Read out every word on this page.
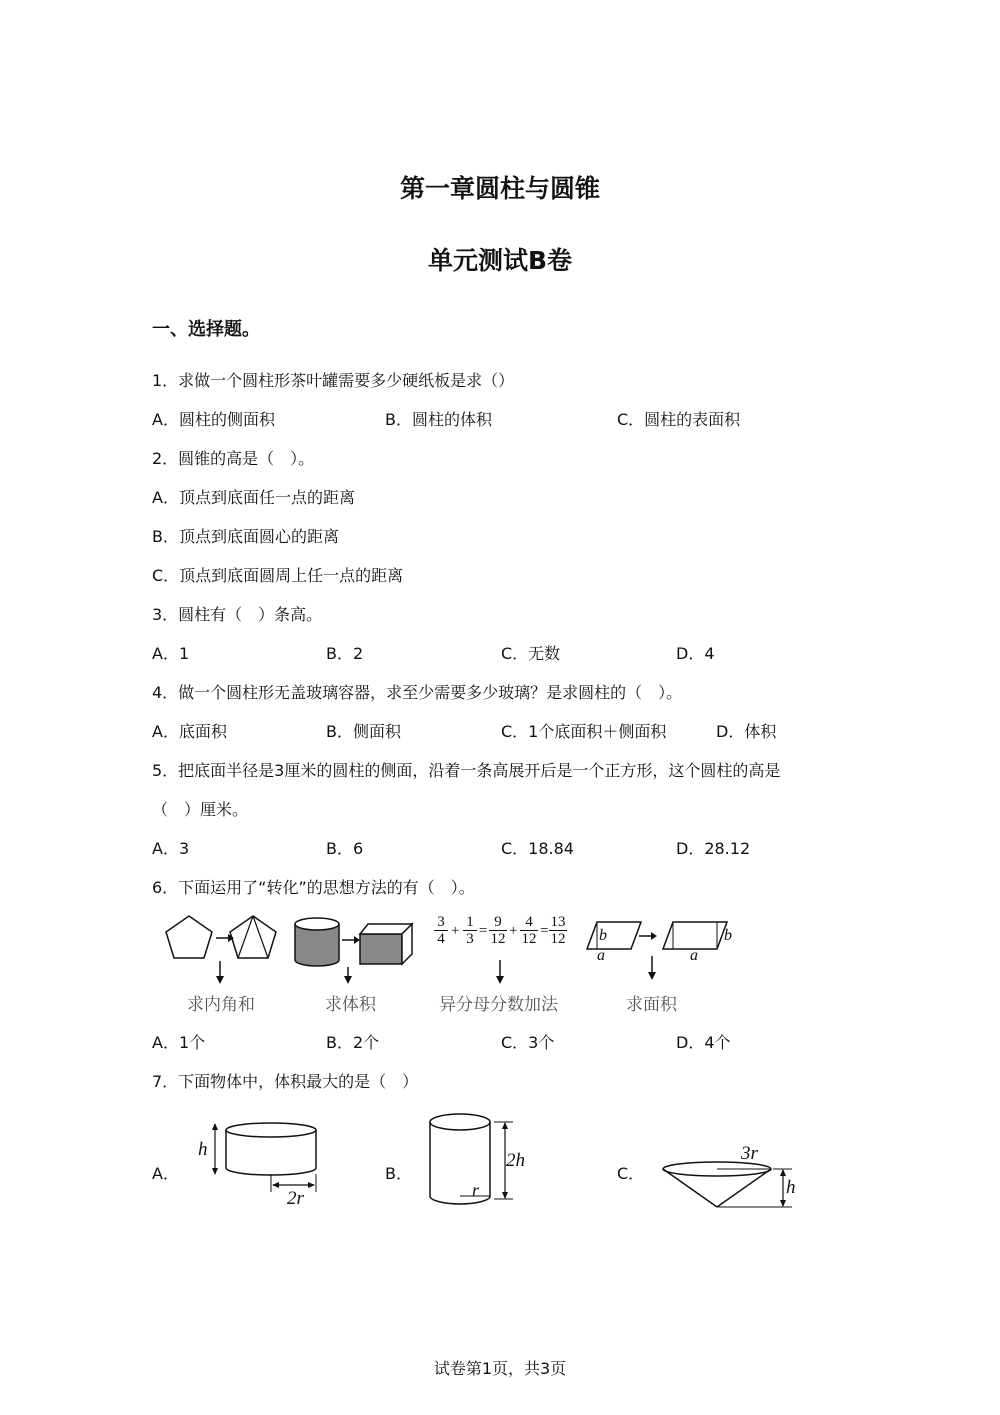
第一章圆柱与圆锥
单元测试B卷
一、选择题。
1．求做一个圆柱形茶叶罐需要多少硬纸板是求（）
A．圆柱的侧面积	B．圆柱的体积	C．圆柱的表面积
2．圆锥的高是（　）。
A．顶点到底面任一点的距离
B．顶点到底面圆心的距离
C．顶点到底面圆周上任一点的距离
3．圆柱有（　）条高。
A．1	B．2	C．无数	D．4
4．做一个圆柱形无盖玻璃容器，求至少需要多少玻璃？是求圆柱的（　）。
A．底面积	B．侧面积	C．1个底面积＋侧面积	D．体积
5．把底面半径是3厘米的圆柱的侧面，沿着一条高展开后是一个正方形，这个圆柱的高是
（　）厘米。
A．3	B．6	C．18.84	D．28.12
6．下面运用了“转化”的思想方法的有（　）。
3
4 +
1
3 =
9
12 +
4
12 =
13
12 b
a
b
a
求内角和	求体积	异分母分数加法	求面积
A．1个	B．2个	C．3个	D．4个
7．下面物体中，体积最大的是（　）
A．	B．	C．
h
2r
2h
r
3r
h
试卷第1页，共3页
